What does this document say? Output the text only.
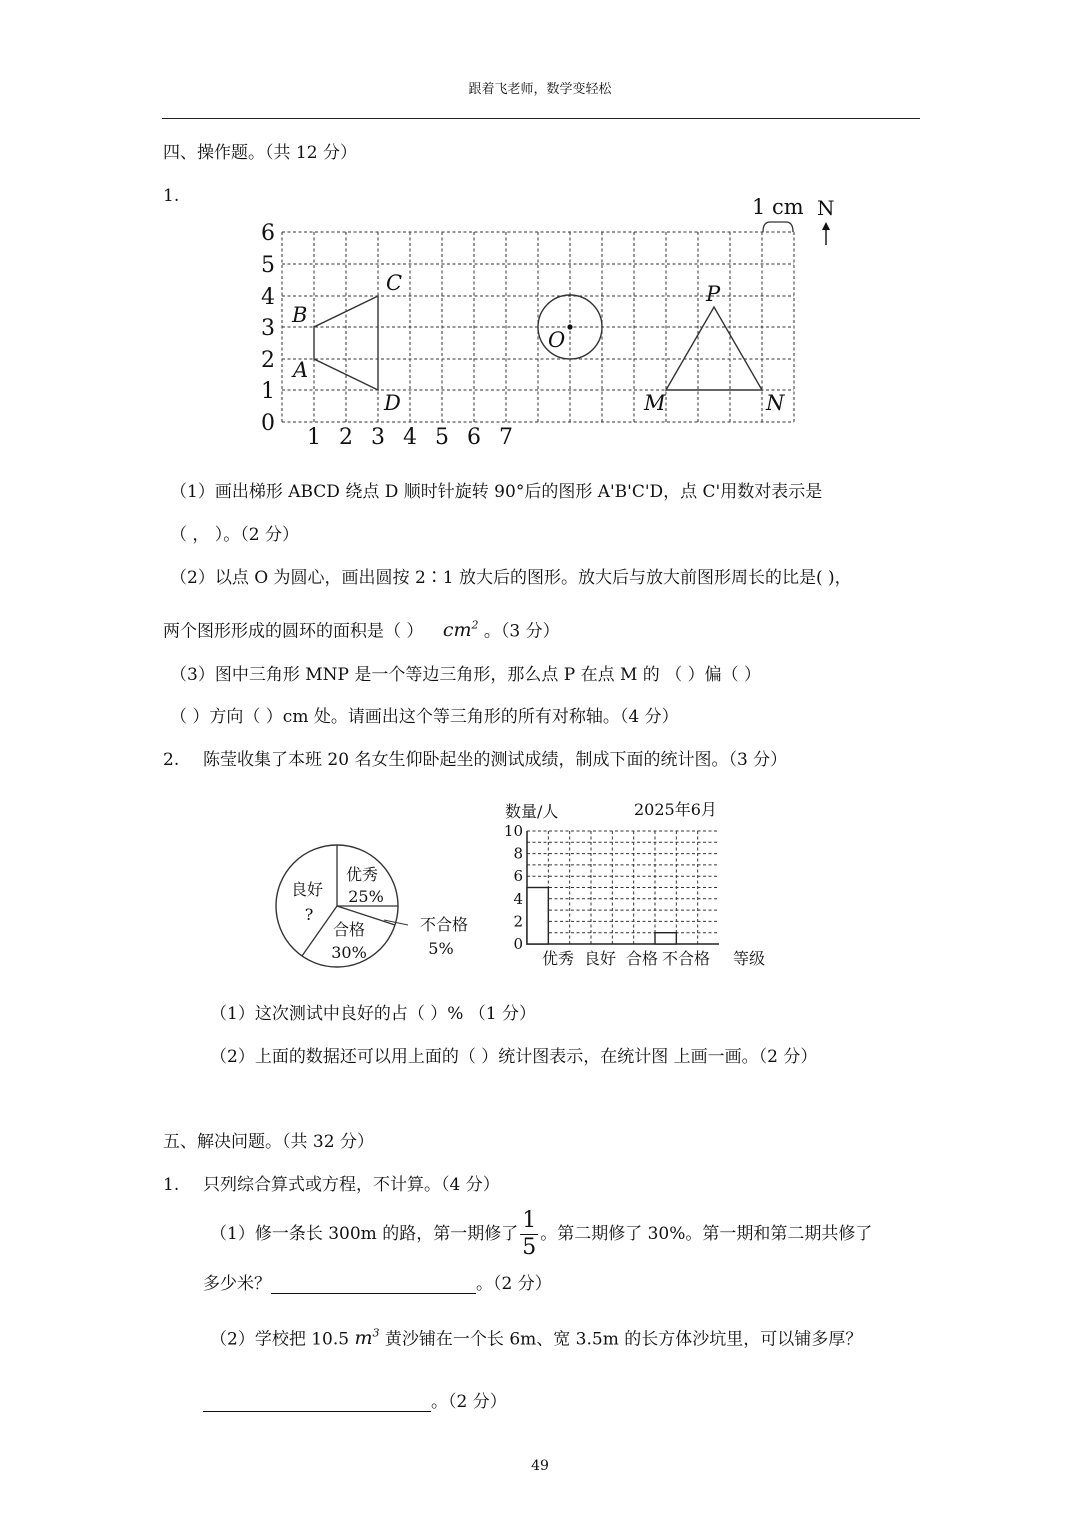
跟着飞老师，数学变轻松
四、操作题。（共 12 分）
1.
0
1
2
3
4
5
6
1 2 3 4 5 6 7
B
A
C
D
O
P
M	N
1 cm N
（1）画出梯形 ABCD 绕点 D 顺时针旋转 90°后的图形 A'B'C'D，点 C'用数对表示是
（ ， ）。（2 分）
（2）以点 O 为圆心，画出圆按 2∶1 放大后的图形。放大后与放大前图形周长的比是( )，
两个图形形成的圆环的面积是（ ） $cm^2$ 。（3 分）
（3）图中三角形 MNP 是一个等边三角形，那么点 P 在点 M 的 （ ）偏（ ）
（ ）方向（ ）cm 处。请画出这个等三角形的所有对称轴。（4 分）
2. 陈莹收集了本班 20 名女生仰卧起坐的测试成绩，制成下面的统计图。（3 分）
优秀
25%
良好
?
合格
30%
不合格
5%	0
2
4
6
8
10
优秀 良好 合格 不合格
数量/人	2025年6月
等级
（1）这次测试中良好的占（ ）% （1 分）
（2）上面的数据还可以用上面的（ ）统计图表示，在统计图 上画一画。（2 分）
五、解决问题。（共 32 分）
1. 只列综合算式或方程，不计算。（4 分）
（1）修一条长 300m 的路，第一期修了 $\frac{1}{5}$ 。第二期修了 30%。第一期和第二期共修了
多少米？	。（2 分）
（2）学校把 10.5 $m^3$ 黄沙铺在一个长 6m、宽 3.5m 的长方体沙坑里，可以铺多厚？
。（2 分）
49
